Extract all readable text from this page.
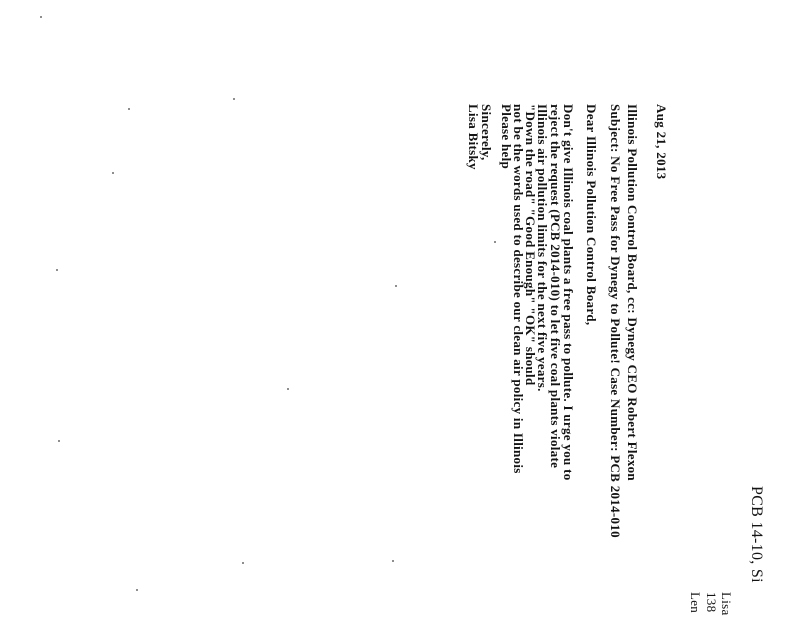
PCB 14-10, Si
Lisa
138
Len
Aug 21, 2013
Illinois Pollution Control Board, cc: Dynegy CEO Robert Flexon
Subject: No Free Pass for Dynegy to Pollute! Case Number: PCB 2014-010
Dear Illinois Pollution Control Board,
Don't give Illinois coal plants a free pass to pollute. I urge you to
reject the request (PCB 2014-010) to let five coal plants violate
Illinois air pollution limits for the next five years.
"Down the road" "Good Enough" "OK" should
not be the words used to describe our clean air policy in Illinois
Please help
Sincerely,
Lisa Bitsky
